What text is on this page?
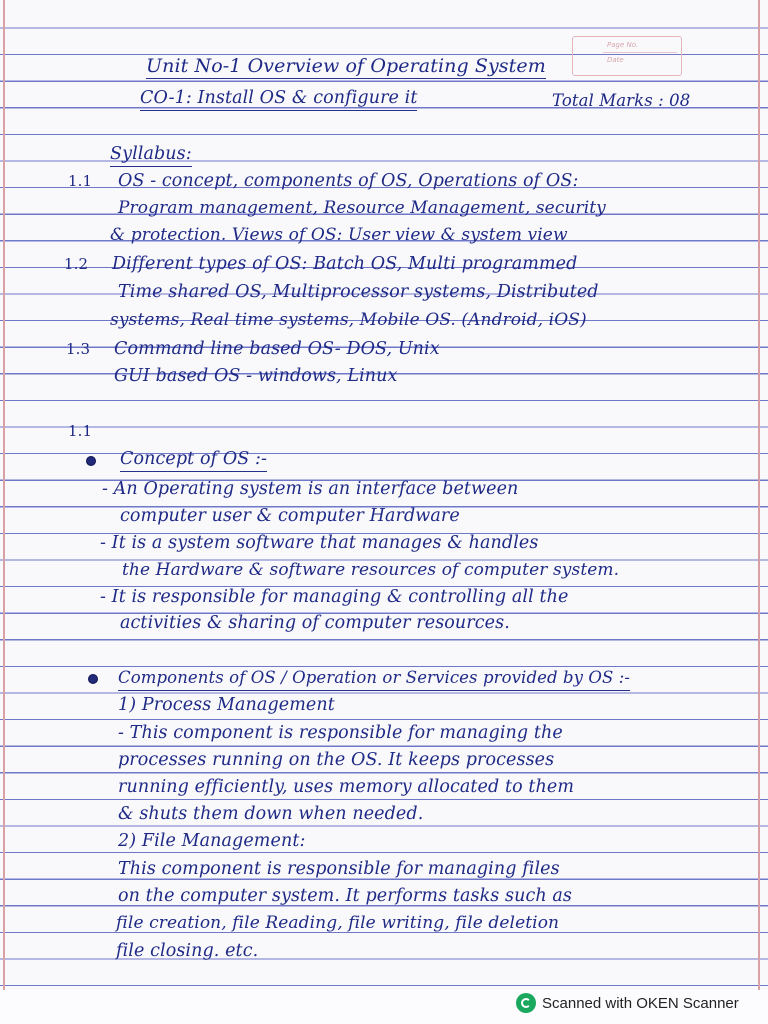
Page No.
Date
Unit No-1 Overview of Operating System
CO-1: Install OS & configure it	Total Marks : 08
Syllabus:
1.1 OS - concept, components of OS, Operations of OS:
Program management, Resource Management, security
& protection. Views of OS: User view & system view
1.2 Different types of OS: Batch OS, Multi programmed
Time shared OS, Multiprocessor systems, Distributed
systems, Real time systems, Mobile OS. (Android, iOS)
1.3 Command line based OS- DOS, Unix
GUI based OS - windows, Linux
1.1
Concept of OS :-
- An Operating system is an interface between
computer user & computer Hardware
- It is a system software that manages & handles
the Hardware & software resources of computer system.
- It is responsible for managing & controlling all the
activities & sharing of computer resources.
Components of OS / Operation or Services provided by OS :-
1) Process Management
- This component is responsible for managing the
processes running on the OS. It keeps processes
running efficiently, uses memory allocated to them
& shuts them down when needed.
2) File Management:
This component is responsible for managing files
on the computer system. It performs tasks such as
file creation, file Reading, file writing, file deletion
file closing. etc.
Scanned with OKEN Scanner
